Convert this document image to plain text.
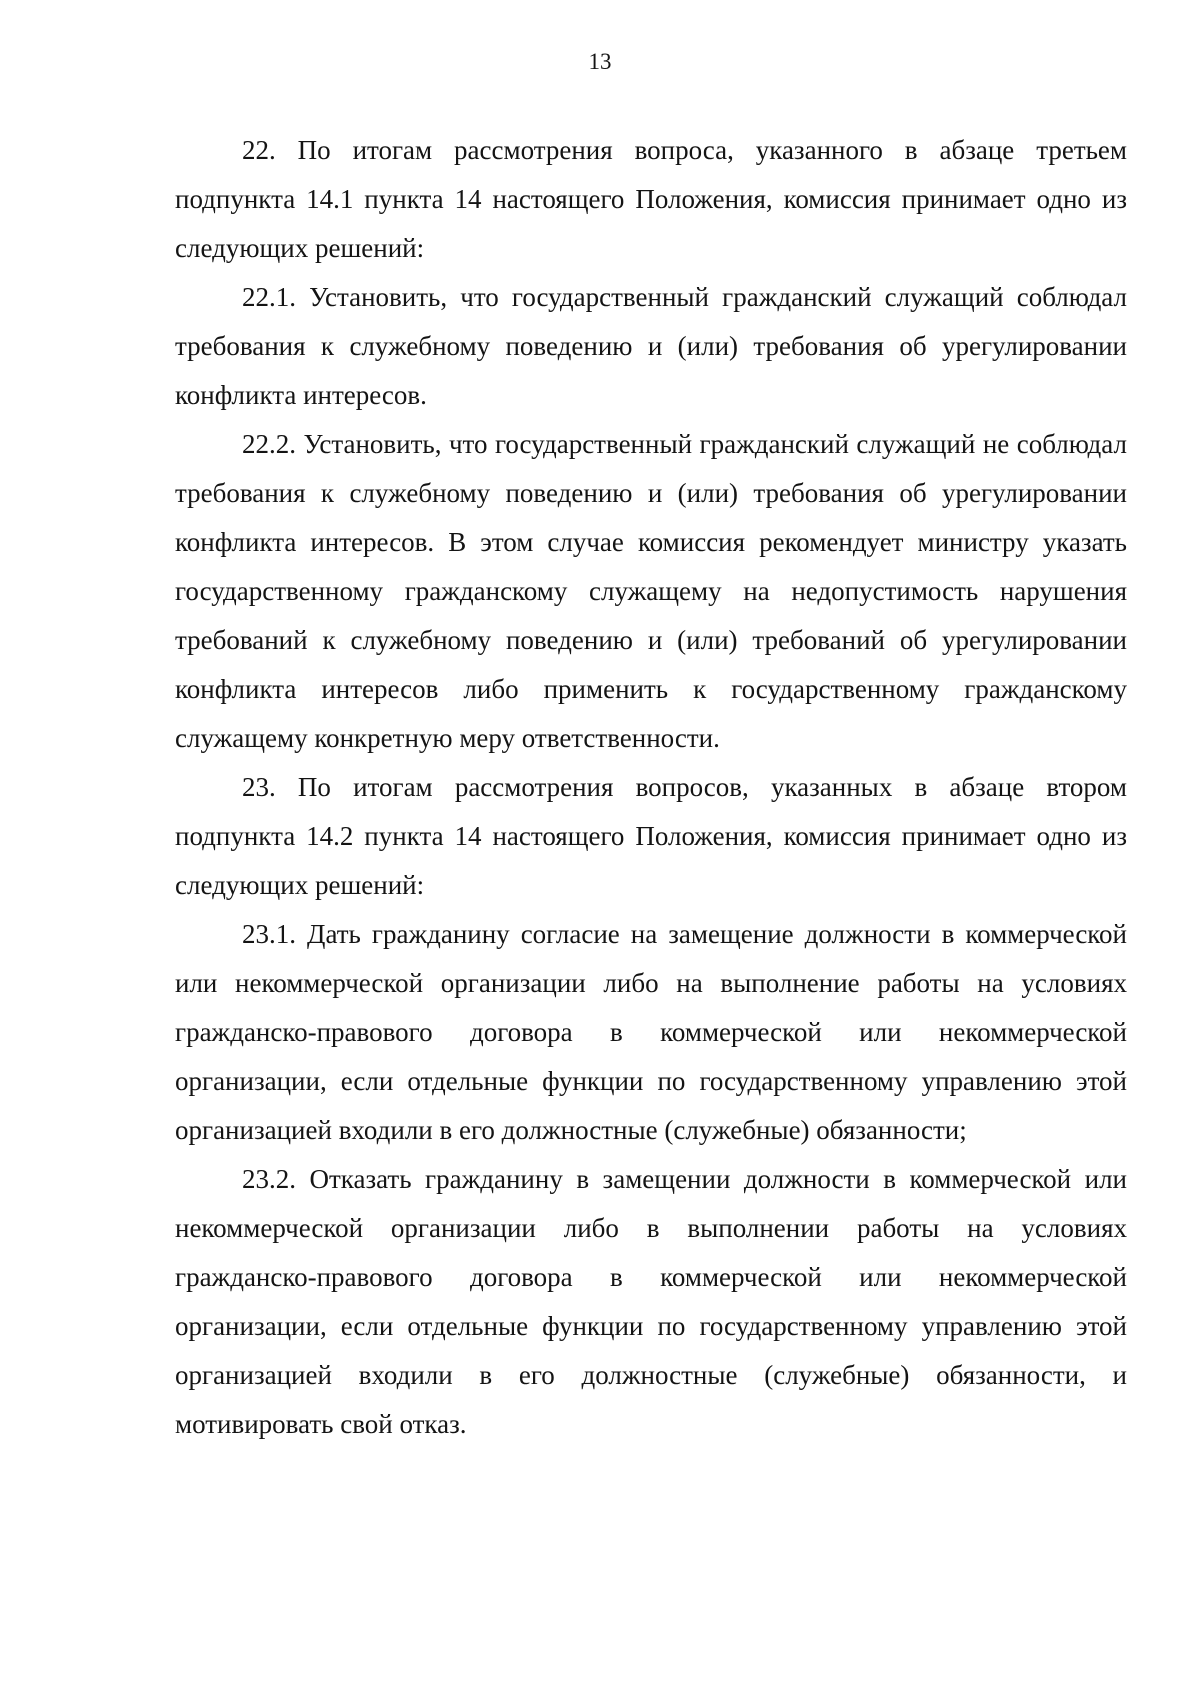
13

22. По итогам рассмотрения вопроса, указанного в абзаце третьем подпункта 14.1 пункта 14 настоящего Положения, комиссия принимает одно из следующих решений:

22.1. Установить, что государственный гражданский служащий соблюдал требования к служебному поведению и (или) требования об урегулировании конфликта интересов.

22.2. Установить, что государственный гражданский служащий не соблюдал требования к служебному поведению и (или) требования об урегулировании конфликта интересов. В этом случае комиссия рекомендует министру указать государственному гражданскому служащему на недопустимость нарушения требований к служебному поведению и (или) требований об урегулировании конфликта интересов либо применить к государственному гражданскому служащему конкретную меру ответственности.

23. По итогам рассмотрения вопросов, указанных в абзаце втором подпункта 14.2 пункта 14 настоящего Положения, комиссия принимает одно из следующих решений:

23.1. Дать гражданину согласие на замещение должности в коммерческой или некоммерческой организации либо на выполнение работы на условиях гражданско-правового договора в коммерческой или некоммерческой организации, если отдельные функции по государственному управлению этой организацией входили в его должностные (служебные) обязанности;

23.2. Отказать гражданину в замещении должности в коммерческой или некоммерческой организации либо в выполнении работы на условиях гражданско-правового договора в коммерческой или некоммерческой организации, если отдельные функции по государственному управлению этой организацией входили в его должностные (служебные) обязанности, и мотивировать свой отказ.
